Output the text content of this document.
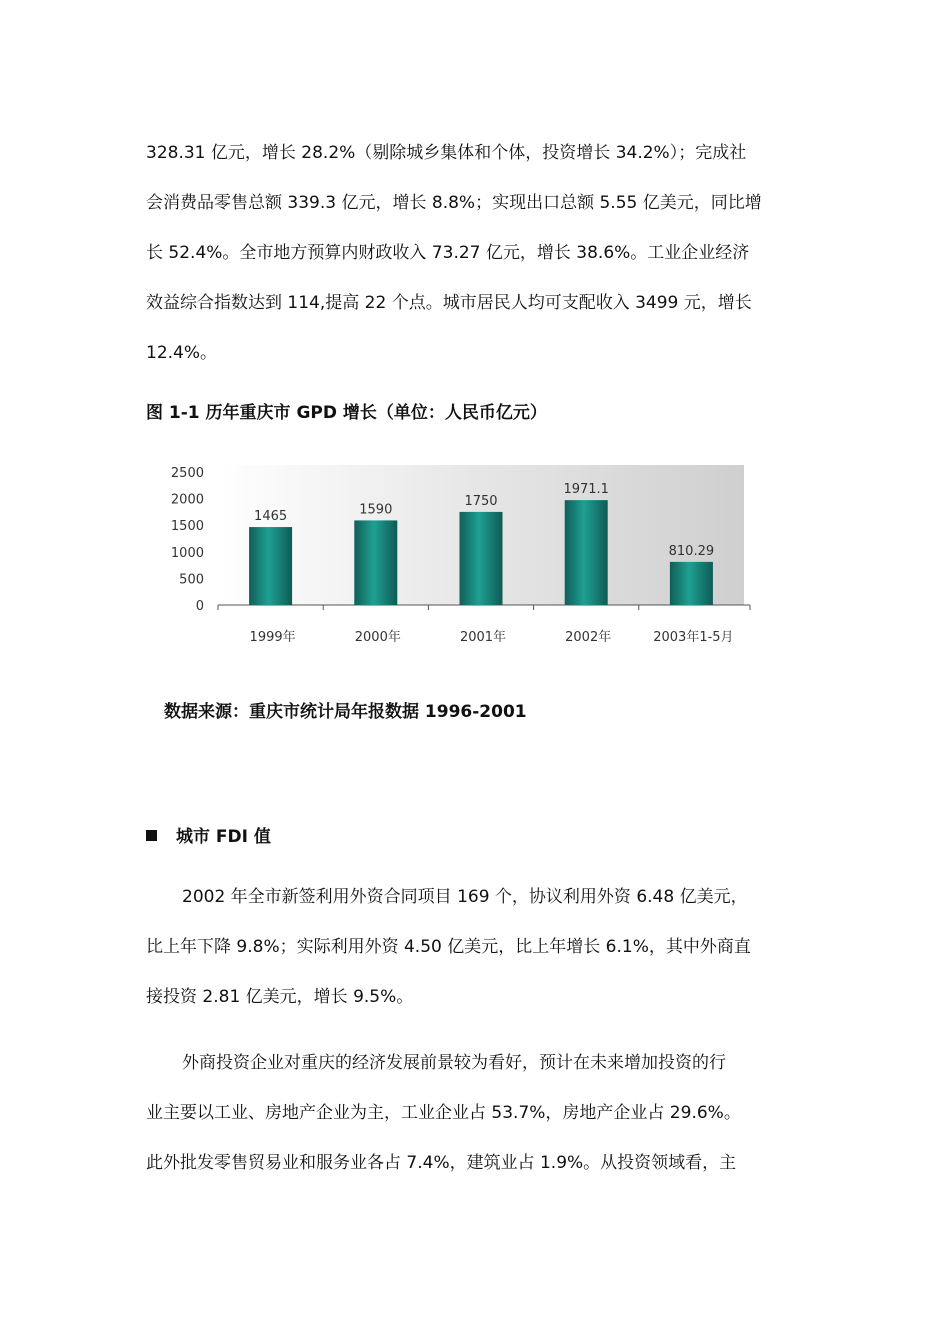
328.31 亿元，增长 28.2%（剔除城乡集体和个体，投资增长 34.2%）；完成社
会消费品零售总额 339.3 亿元，增长 8.8%；实现出口总额 5.55 亿美元，同比增
长 52.4%。全市地方预算内财政收入 73.27 亿元，增长 38.6%。工业企业经济
效益综合指数达到 114,提高 22 个点。城市居民人均可支配收入 3499 元，增长
12.4%。
图 1-1 历年重庆市 GPD 增长（单位：人民币亿元）
2500
2000
1500
1000
500
0
1465	1590
1750
1971.1
810.29
1999年	2000年	2001年	2002年	2003年1-5月
数据来源：重庆市统计局年报数据 1996-2001
城市 FDI 值
2002 年全市新签利用外资合同项目 169 个，协议利用外资 6.48 亿美元，
比上年下降 9.8%；实际利用外资 4.50 亿美元，比上年增长 6.1%，其中外商直
接投资 2.81 亿美元，增长 9.5%。
外商投资企业对重庆的经济发展前景较为看好，预计在未来增加投资的行
业主要以工业、房地产企业为主，工业企业占 53.7%，房地产企业占 29.6%。
此外批发零售贸易业和服务业各占 7.4%，建筑业占 1.9%。从投资领域看，主
